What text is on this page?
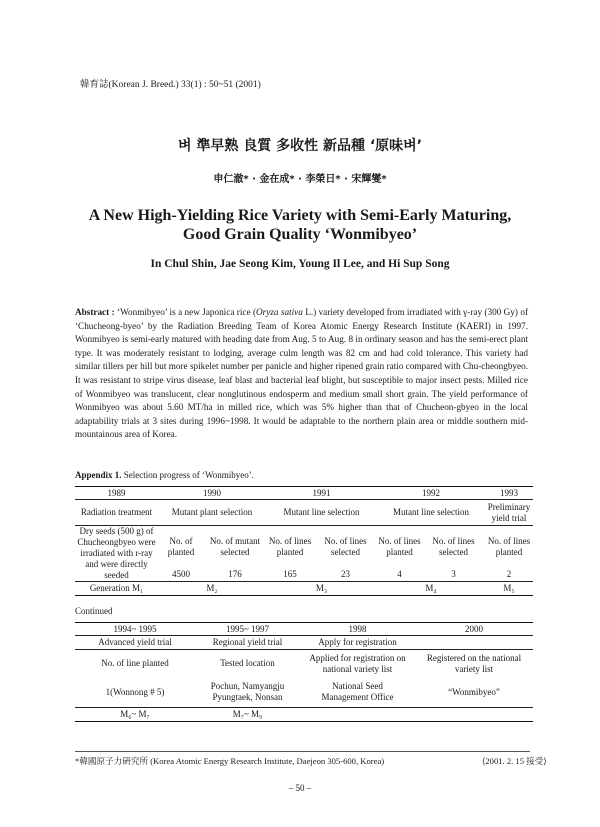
韓育誌(Korean J. Breed.) 33(1) : 50~51 (2001)
벼 準早熟 良質 多收性 新品種 ‘原味벼’
申仁澈* · 金在成* · 李榮日* · 宋輝燮*
A New High-Yielding Rice Variety with Semi-Early Maturing,
Good Grain Quality ‘Wonmibyeo’
In Chul Shin, Jae Seong Kim, Young Il Lee, and Hi Sup Song
Abstract : ‘Wonmibyeo’ is a new Japonica rice (Oryza sativa L.) variety developed from irradiated with γ-ray (300 Gy) of ‘Chucheong-byeo’ by the Radiation Breeding Team of Korea Atomic Energy Research Institute (KAERI) in 1997. Wonmibyeo is semi-early matured with heading date from Aug. 5 to Aug. 8 in ordinary season and has the semi-erect plant type. It was moderately resistant to lodging, average culm length was 82 cm and had cold tolerance. This variety had similar tillers per hill but more spikelet number per panicle and higher ripened grain ratio compared with Chu-cheongbyeo. It was resistant to stripe virus disease, leaf blast and bacterial leaf blight, but susceptible to major insect pests. Milled rice of Wonmibyeo was translucent, clear nonglutinous endosperm and medium small short grain. The yield performance of Wonmibyeo was about 5.60 MT/ha in milled rice, which was 5% higher than that of Chucheon-gbyeo in the local adaptability trials at 3 sites during 1996~1998. It would be adaptable to the northern plain area or middle southern mid-mountainous area of Korea.
Appendix 1. Selection progress of ‘Wonmibyeo’.
1989	1990		1991		1992		1993
Radiation treatment	Mutant plant selection		Mutant line selection		Mutant line selection		Preliminary yield trial
Dry seeds (500 g) of Chucheongbyeo were irradiated with r-ray and were directly seeded	No. of planted	No. of mutant selected	No. of lines planted	No. of lines selected	No. of lines planted	No. of lines selected	No. of lines planted
	4500	176	165	23	4	3	2
Generation M₁	M₂		M₃		M₄		M₅
Continued
1994~ 1995	1995~ 1997	1998	2000
Advanced yield trial	Regional yield trial	Apply for registration	
No. of line planted	Tested location	Applied for registration on national variety list	Registered on the national variety list
1(Wonnong # 5)	Pochun, Namyangju Pyungtaek, Nonsan	National Seed Management Office	“Wonmibyeo”
M₆~ M₇	M₇~ M₉		
*韓國原子力硏究所 (Korea Atomic Energy Research Institute, Daejeon 305-600, Korea)	⟨2001. 2. 15 接受⟩
– 50 –
